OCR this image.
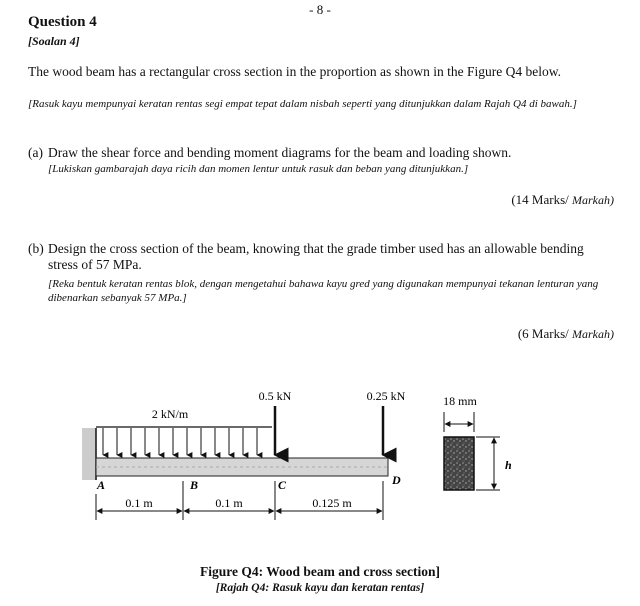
- 8 -
Question 4
[Soalan 4]
The wood beam has a rectangular cross section in the proportion as shown in the Figure Q4 below.
[Rasuk kayu mempunyai keratan rentas segi empat tepat dalam nisbah seperti yang ditunjukkan dalam Rajah Q4 di bawah.]
(a) Draw the shear force and bending moment diagrams for the beam and loading shown.
[Lukiskan gambarajah daya ricih dan momen lentur untuk rasuk dan beban yang ditunjukkan.]
(14 Marks/ Markah)
(b) Design the cross section of the beam, knowing that the grade timber used has an allowable bending stress of 57 MPa.
[Reka bentuk keratan rentas blok, dengan mengetahui bahawa kayu gred yang digunakan mempunyai tekanan lenturan yang dibenarkan sebanyak 57 MPa.]
(6 Marks/ Markah)
2 kN/m
0.5 kN	0.25 kN
A	B	C	D
0.1 m	0.1 m	0.125 m
18 mm
h
Figure Q4: Wood beam and cross section]
[Rajah Q4: Rasuk kayu dan keratan rentas]
